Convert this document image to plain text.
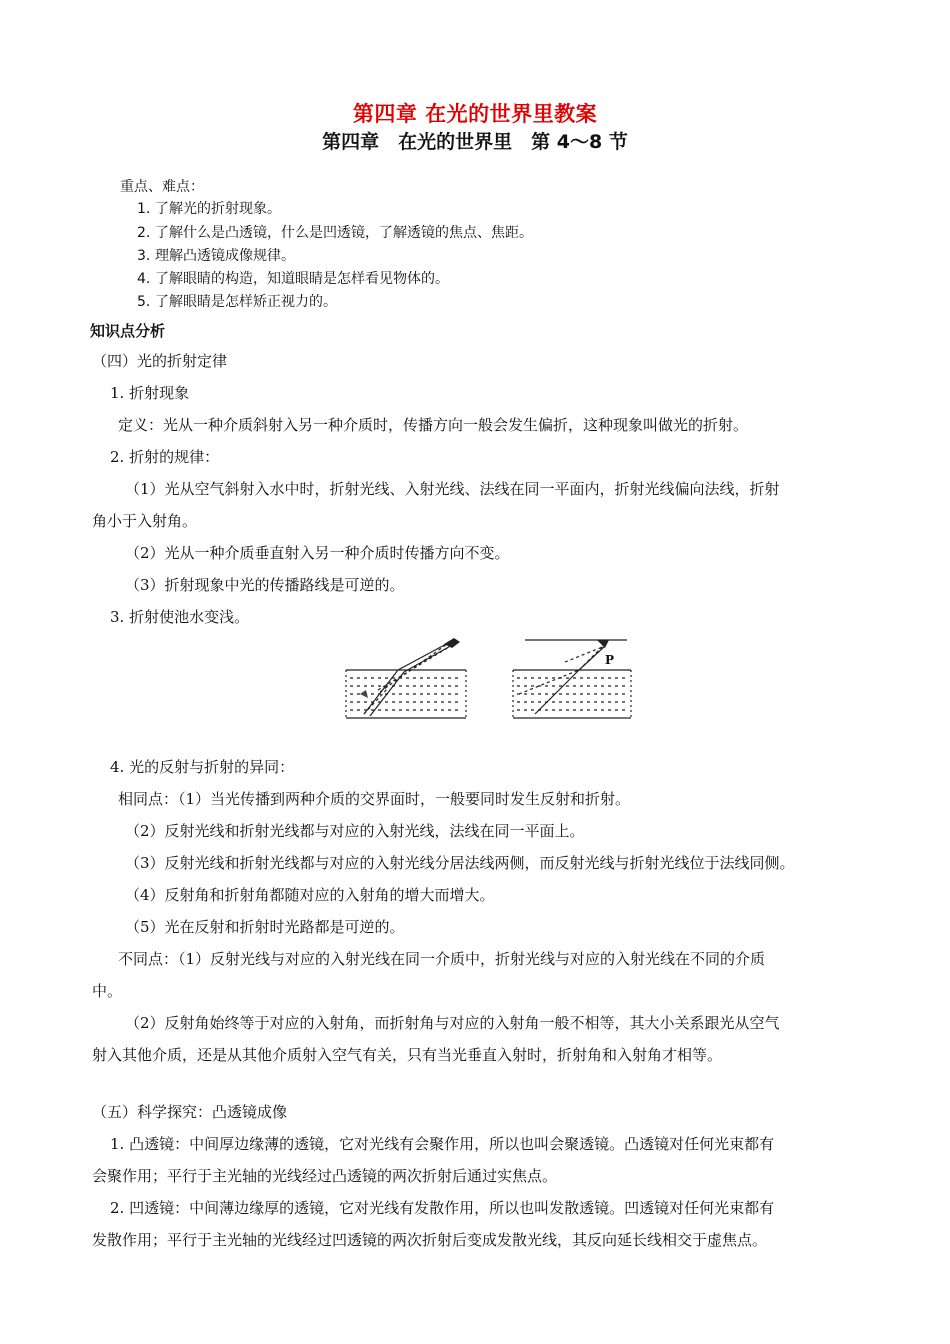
第四章 在光的世界里教案
第四章　在光的世界里　第 4～8 节
重点、难点：
1. 了解光的折射现象。
2. 了解什么是凸透镜，什么是凹透镜，了解透镜的焦点、焦距。
3. 理解凸透镜成像规律。
4. 了解眼睛的构造，知道眼睛是怎样看见物体的。
5. 了解眼睛是怎样矫正视力的。
知识点分析
（四）光的折射定律
1. 折射现象
定义：光从一种介质斜射入另一种介质时，传播方向一般会发生偏折，这种现象叫做光的折射。
2. 折射的规律：
（1）光从空气斜射入水中时，折射光线、入射光线、法线在同一平面内，折射光线偏向法线，折射
角小于入射角。
（2）光从一种介质垂直射入另一种介质时传播方向不变。
（3）折射现象中光的传播路线是可逆的。
3. 折射使池水变浅。
P
4. 光的反射与折射的异同：
相同点：（1）当光传播到两种介质的交界面时，一般要同时发生反射和折射。
（2）反射光线和折射光线都与对应的入射光线，法线在同一平面上。
（3）反射光线和折射光线都与对应的入射光线分居法线两侧，而反射光线与折射光线位于法线同侧。
（4）反射角和折射角都随对应的入射角的增大而增大。
（5）光在反射和折射时光路都是可逆的。
不同点：（1）反射光线与对应的入射光线在同一介质中，折射光线与对应的入射光线在不同的介质
中。
（2）反射角始终等于对应的入射角，而折射角与对应的入射角一般不相等，其大小关系跟光从空气
射入其他介质，还是从其他介质射入空气有关，只有当光垂直入射时，折射角和入射角才相等。
（五）科学探究：凸透镜成像
1. 凸透镜：中间厚边缘薄的透镜，它对光线有会聚作用，所以也叫会聚透镜。凸透镜对任何光束都有
会聚作用；平行于主光轴的光线经过凸透镜的两次折射后通过实焦点。
2. 凹透镜：中间薄边缘厚的透镜，它对光线有发散作用，所以也叫发散透镜。凹透镜对任何光束都有
发散作用；平行于主光轴的光线经过凹透镜的两次折射后变成发散光线，其反向延长线相交于虚焦点。
